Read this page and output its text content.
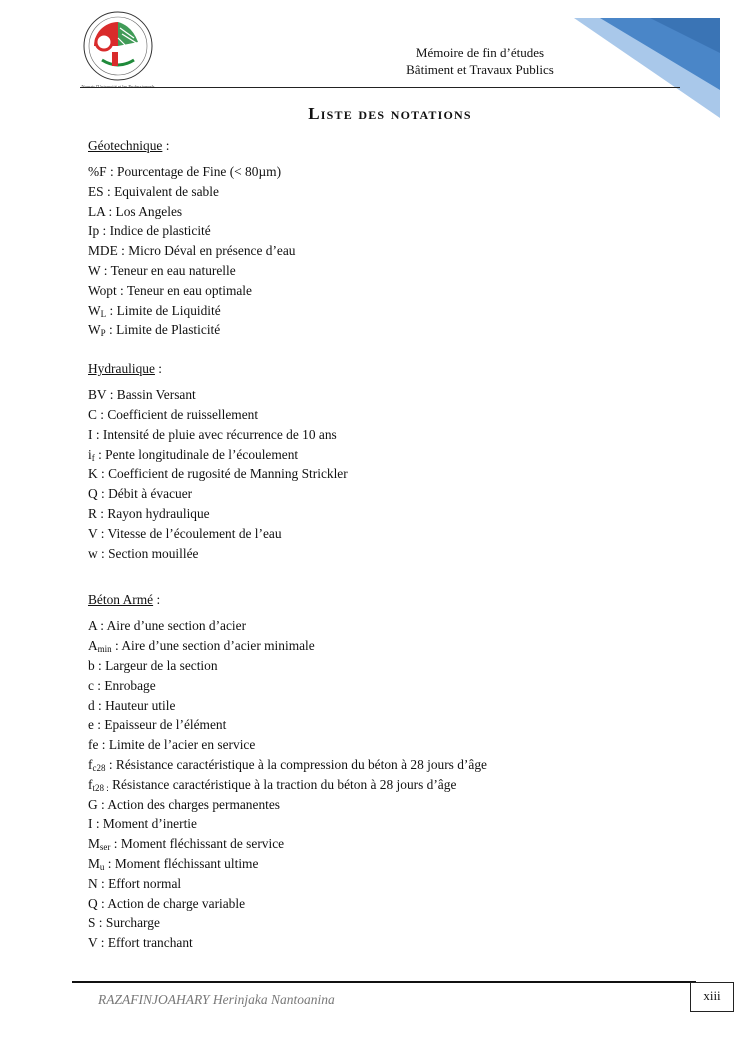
Nourrir l'Université et les Professionnels
Mémoire de fin d’études
Bâtiment et Travaux Publics
Liste des notations
Géotechnique :
%F : Pourcentage de Fine (< 80µm)
ES : Equivalent de sable
LA : Los Angeles
Ip : Indice de plasticité
MDE : Micro Déval en présence d’eau
W : Teneur en eau naturelle
Wopt : Teneur en eau optimale
$W_L$ : Limite de Liquidité
$W_P$ : Limite de Plasticité
Hydraulique :
BV : Bassin Versant
C : Coefficient de ruissellement
I : Intensité de pluie avec récurrence de 10 ans
$i_f$ : Pente longitudinale de l’écoulement
K : Coefficient de rugosité de Manning Strickler
Q : Débit à évacuer
R : Rayon hydraulique
V : Vitesse de l’écoulement de l’eau
w : Section mouillée
Béton Armé :
A : Aire d’une section d’acier
$A_{min}$ : Aire d’une section d’acier minimale
b : Largeur de la section
c : Enrobage
d : Hauteur utile
e : Epaisseur de l’élément
fe : Limite de l’acier en service
$f_{c28}$ : Résistance caractéristique à la compression du béton à 28 jours d’âge
$f_{t28 :}$ Résistance caractéristique à la traction du béton à 28 jours d’âge
G : Action des charges permanentes
I : Moment d’inertie
$M_{ser}$ : Moment fléchissant de service
$M_u$ : Moment fléchissant ultime
N : Effort normal
Q : Action de charge variable
S : Surcharge
V : Effort tranchant
RAZAFINJOAHARY Herinjaka Nantoanina	xiii
